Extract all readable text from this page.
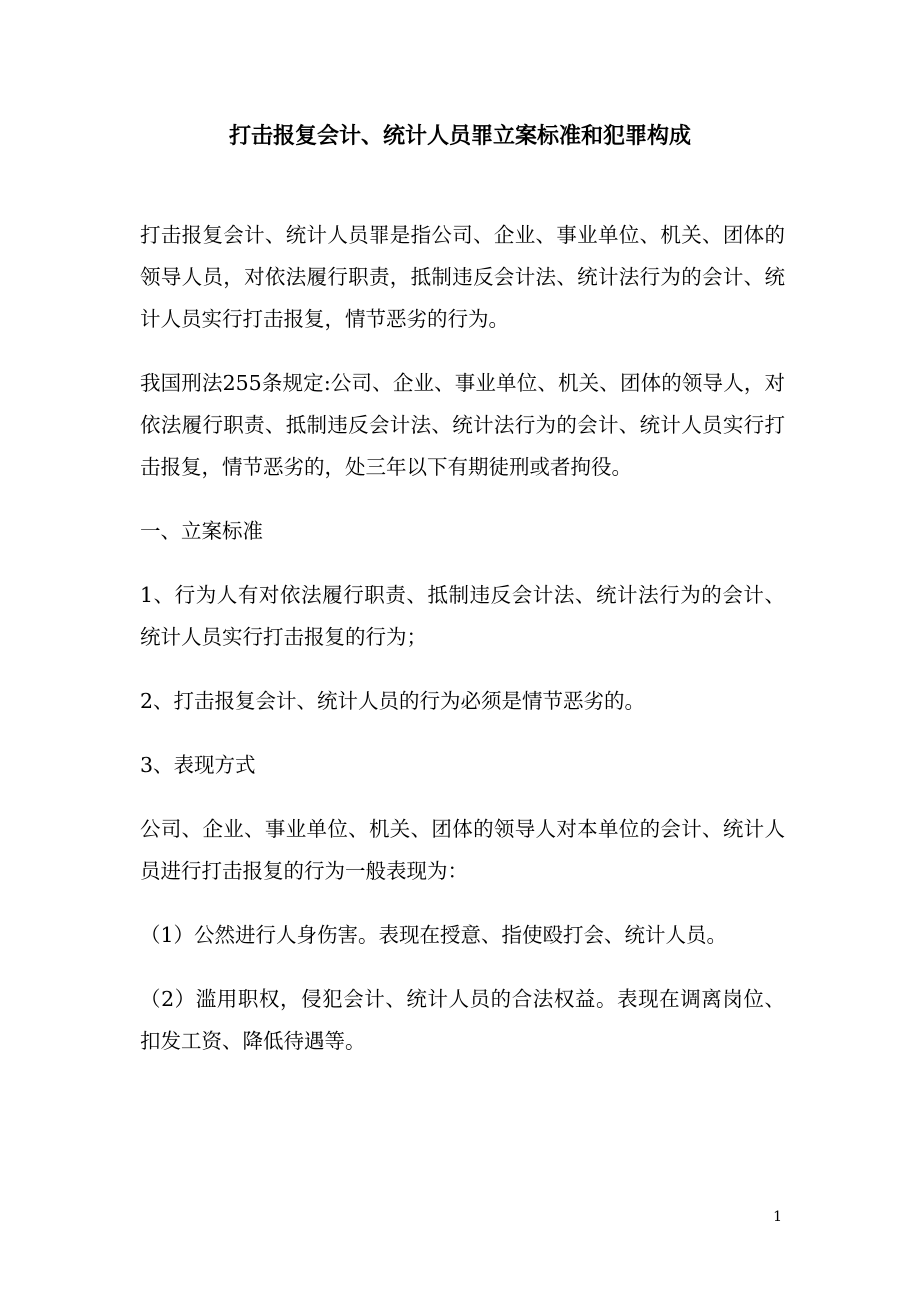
打击报复会计、统计人员罪立案标准和犯罪构成

打击报复会计、统计人员罪是指公司、企业、事业单位、机关、团体的领导人员，对依法履行职责，抵制违反会计法、统计法行为的会计、统计人员实行打击报复，情节恶劣的行为。

我国刑法255条规定:公司、企业、事业单位、机关、团体的领导人，对依法履行职责、抵制违反会计法、统计法行为的会计、统计人员实行打击报复，情节恶劣的，处三年以下有期徒刑或者拘役。

一、立案标准

1、行为人有对依法履行职责、抵制违反会计法、统计法行为的会计、统计人员实行打击报复的行为；

2、打击报复会计、统计人员的行为必须是情节恶劣的。

3、表现方式

公司、企业、事业单位、机关、团体的领导人对本单位的会计、统计人员进行打击报复的行为一般表现为：

（1）公然进行人身伤害。表现在授意、指使殴打会、统计人员。

（2）滥用职权，侵犯会计、统计人员的合法权益。表现在调离岗位、扣发工资、降低待遇等。

1
